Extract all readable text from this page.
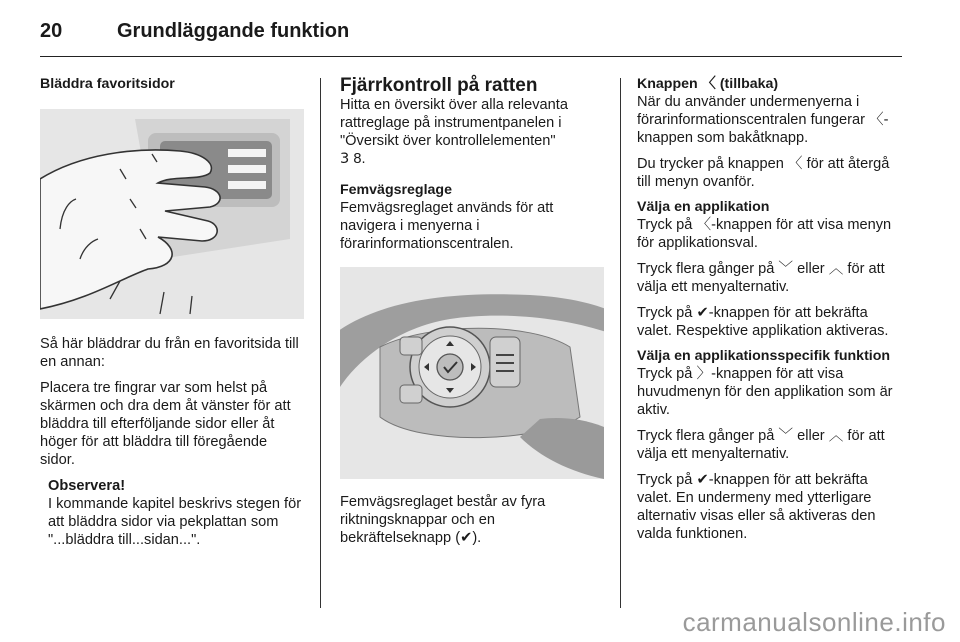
20	Grundläggande funktion
Bläddra favoritsidor

Så här bläddrar du från en favoritsida till en annan:

Placera tre fingrar var som helst på skärmen och dra dem åt vänster för att bläddra till efterföljande sidor eller åt höger för att bläddra till föregående sidor.

Observera!
I kommande kapitel beskrivs stegen för att bläddra sidor via pekplattan som "...bläddra till...sidan...".
Fjärrkontroll på ratten

Hitta en översikt över alla relevanta rattreglage på instrumentpanelen i "Översikt över kontrollelementen"
3 8.

Femvägsreglage

Femvägsreglaget används för att navigera i menyerna i förarinformationscentralen.

Femvägsreglaget består av fyra riktningsknappar och en bekräftelseknapp (✔).
Knappen 〈 (tillbaka)

När du använder undermenyerna i förarinformationscentralen fungerar 〈-knappen som bakåtknapp.

Du trycker på knappen 〈 för att återgå till menyn ovanför.

Välja en applikation

Tryck på 〈-knappen för att visa menyn för applikationsval.

Tryck flera gånger på ﹀ eller ︿ för att välja ett menyalternativ.

Tryck på ✔-knappen för att bekräfta valet. Respektive applikation aktiveras.

Välja en applikationsspecifik funktion

Tryck på 〉-knappen för att visa huvudmenyn för den applikation som är aktiv.

Tryck flera gånger på ﹀ eller ︿ för att välja ett menyalternativ.

Tryck på ✔-knappen för att bekräfta valet. En undermeny med ytterligare alternativ visas eller så aktiveras den valda funktionen.

carmanualsonline.info
